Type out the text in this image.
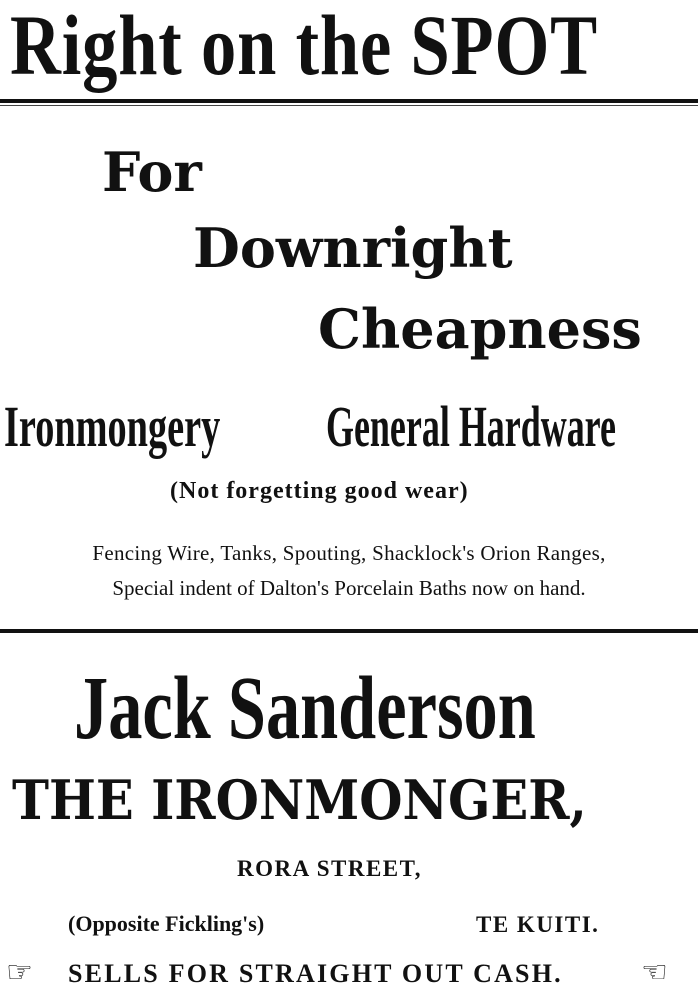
Right on the SPOT
For
Downright
Cheapness
Ironmongery	General Hardware
(Not forgetting good wear)
Fencing Wire, Tanks, Spouting, Shacklock's Orion Ranges,
Special indent of Dalton's Porcelain Baths now on hand.
Jack Sanderson
THE IRONMONGER,
RORA STREET,
(Opposite Fickling's)	TE KUITI.
☞ SELLS FOR STRAIGHT OUT CASH.	☜
